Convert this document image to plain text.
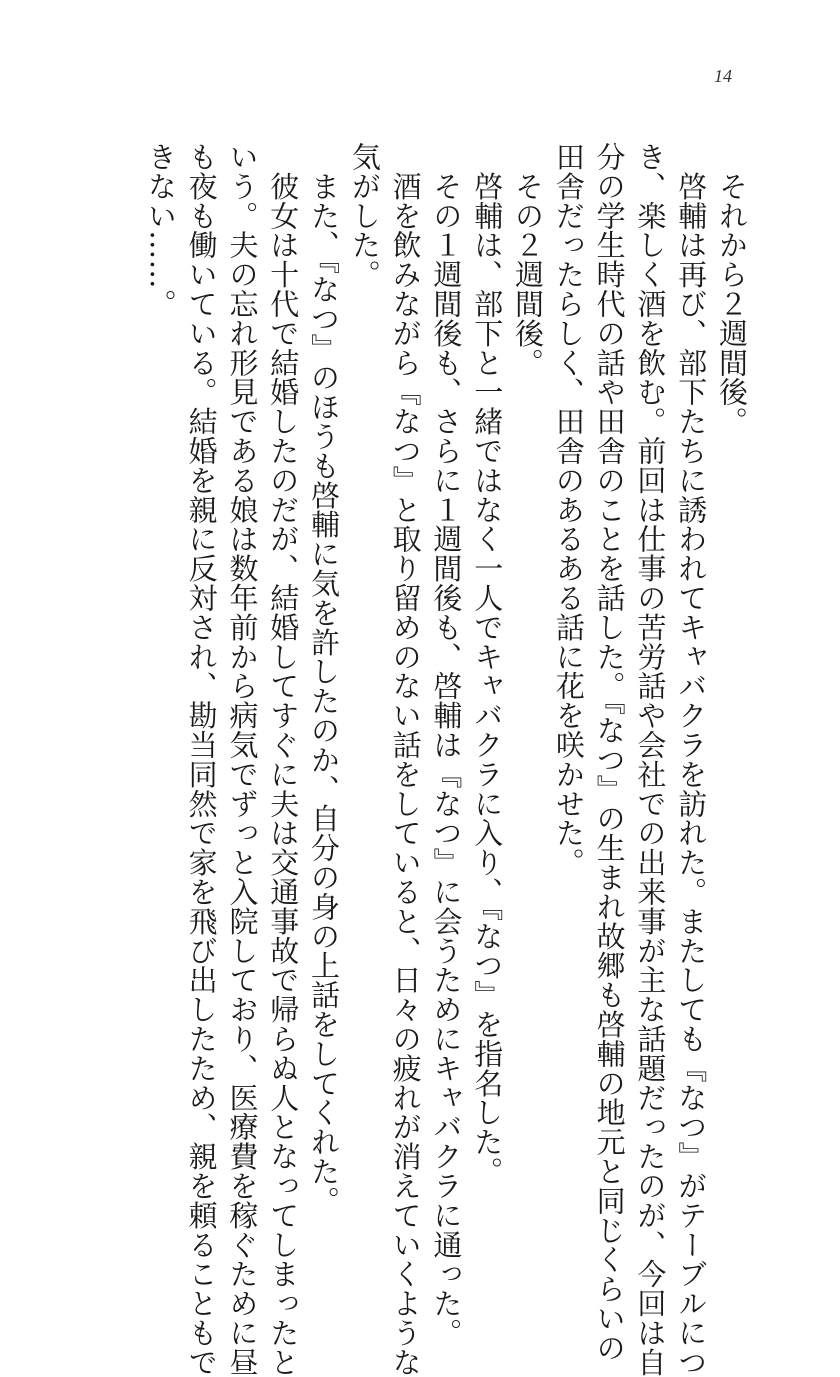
14
　それから２週間後。
　啓輔は再び、部下たちに誘われてキャバクラを訪れた。またしても『なつ』がテーブルにつ
き、楽しく酒を飲む。前回は仕事の苦労話や会社での出来事が主な話題だったのが、今回は自
分の学生時代の話や田舎のことを話した。『なつ』の生まれ故郷も啓輔の地元と同じくらいの
田舎だったらしく、田舎のあるある話に花を咲かせた。
　その２週間後。
　啓輔は、部下と一緒ではなく一人でキャバクラに入り、『なつ』を指名した。
　その１週間後も、さらに１週間後も、啓輔は『なつ』に会うためにキャバクラに通った。
　酒を飲みながら『なつ』と取り留めのない話をしていると、日々の疲れが消えていくような
気がした。
　また、『なつ』のほうも啓輔に気を許したのか、自分の身の上話をしてくれた。
　彼女は十代で結婚したのだが、結婚してすぐに夫は交通事故で帰らぬ人となってしまったと
いう。夫の忘れ形見である娘は数年前から病気でずっと入院しており、医療費を稼ぐために昼
も夜も働いている。結婚を親に反対され、勘当同然で家を飛び出したため、親を頼ることもで
きない……。
